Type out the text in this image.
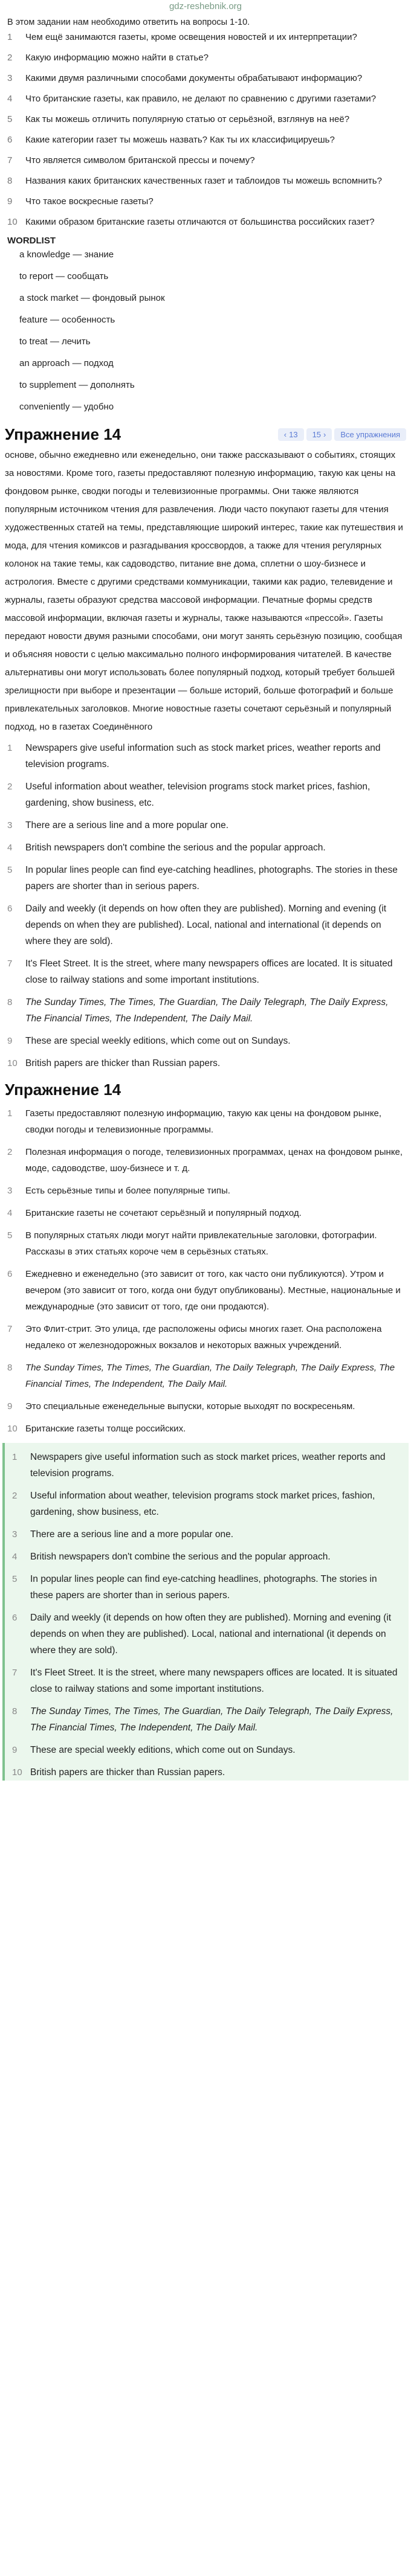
gdz-reshebnik.org
В этом задании нам необходимо ответить на вопросы 1-10.
1	Чем ещё занимаются газеты, кроме освещения новостей и их интерпретации?
2	Какую информацию можно найти в статье?
3	Какими двумя различными способами документы обрабатывают информацию?
4	Что британские газеты, как правило, не делают по сравнению с другими газетами?
5	Как ты можешь отличить популярную статью от серьёзной, взглянув на неё?
6	Какие категории газет ты можешь назвать? Как ты их классифицируешь?
7	Что является символом британской прессы и почему?
8	Названия каких британских качественных газет и таблоидов ты можешь вспомнить?
9	Что такое воскресные газеты?
10 Какими образом британские газеты отличаются от большинства российских газет?
WORDLIST
a knowledge — знание
to report — сообщать
a stock market — фондовый рынок
feature — особенность
to treat — лечить
an approach — подход
to supplement — дополнять
conveniently — удобно
Упражнение 14	‹ 13 15 ›	Все упражнения
основе, обычно ежедневно или еженедельно, они также рассказывают о событиях, стоящих за новостями. Кроме того, газеты предоставляют полезную информацию, такую как цены на фондовом рынке, сводки погоды и телевизионные программы. Они также являются популярным источником чтения для развлечения. Люди часто покупают газеты для чтения художественных статей на темы, представляющие широкий интерес, такие как путешествия и мода, для чтения комиксов и разгадывания кроссвордов, а также для чтения регулярных колонок на такие темы, как садоводство, питание вне дома, сплетни о шоу-бизнесе и астрология. Вместе с другими средствами коммуникации, такими как радио, телевидение и журналы, газеты образуют средства массовой информации. Печатные формы средств массовой информации, включая газеты и журналы, также называются «прессой». Газеты передают новости двумя разными способами, они могут занять серьёзную позицию, сообщая и объясняя новости с целью максимально полного информирования читателей. В качестве альтернативы они могут использовать более популярный подход, который требует большей зрелищности при выборе и презентации — больше историй, больше фотографий и больше привлекательных заголовков. Многие новостные газеты сочетают серьёзный и популярный подход, но в газетах Соединённого
1	Newspapers give useful information such as stock market prices, weather reports and television programs.
2	Useful information about weather, television programs stock market prices, fashion, gardening, show business, etc.
3	There are a serious line and a more popular one.
4	British newspapers don't combine the serious and the popular approach.
5	In popular lines people can find eye-catching headlines, photographs. The stories in these papers are shorter than in serious papers.
6	Daily and weekly (it depends on how often they are published). Morning and evening (it depends on when they are published). Local, national and international (it depends on where they are sold).
7	It's Fleet Street. It is the street, where many newspapers offices are located. It is situated close to railway stations and some important institutions.
8	The Sunday Times, The Times, The Guardian, The Daily Telegraph, The Daily Express, The Financial Times, The Independent, The Daily Mail.
9	These are special weekly editions, which come out on Sundays.
10 British papers are thicker than Russian papers.
Упражнение 14
1	Газеты предоставляют полезную информацию, такую как цены на фондовом рынке, сводки погоды и телевизионные программы.
2	Полезная информация о погоде, телевизионных программах, ценах на фондовом рынке, моде, садоводстве, шоу-бизнесе и т. д.
3	Есть серьёзные типы и более популярные типы.
4	Британские газеты не сочетают серьёзный и популярный подход.
5	В популярных статьях люди могут найти привлекательные заголовки, фотографии. Рассказы в этих статьях короче чем в серьёзных статьях.
6	Ежедневно и еженедельно (это зависит от того, как часто они публикуются). Утром и вечером (это зависит от того, когда они будут опубликованы). Местные, национальные и международные (это зависит от того, где они продаются).
7	Это Флит-стрит. Это улица, где расположены офисы многих газет. Она расположена недалеко от железнодорожных вокзалов и некоторых важных учреждений.
8	The Sunday Times, The Times, The Guardian, The Daily Telegraph, The Daily Express, The Financial Times, The Independent, The Daily Mail.
9	Это специальные еженедельные выпуски, которые выходят по воскресеньям.
10 Британские газеты толще российских.
1	Newspapers give useful information such as stock market prices, weather reports and television programs.
2	Useful information about weather, television programs stock market prices, fashion, gardening, show business, etc.
3	There are a serious line and a more popular one.
4	British newspapers don't combine the serious and the popular approach.
5	In popular lines people can find eye-catching headlines, photographs. The stories in these papers are shorter than in serious papers.
6	Daily and weekly (it depends on how often they are published). Morning and evening (it depends on when they are published). Local, national and international (it depends on where they are sold).
7	It's Fleet Street. It is the street, where many newspapers offices are located. It is situated close to railway stations and some important institutions.
8	The Sunday Times, The Times, The Guardian, The Daily Telegraph, The Daily Express, The Financial Times, The Independent, The Daily Mail.
9	These are special weekly editions, which come out on Sundays.
10 British papers are thicker than Russian papers.
